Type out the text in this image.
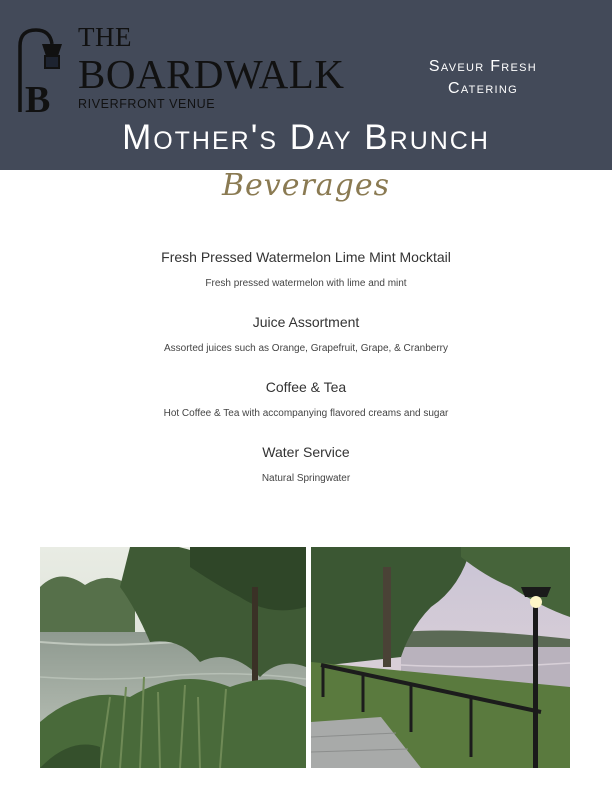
B
THE
BOARDWALK
RIVERFRONT VENUE
Saveur Fresh
Catering
Mother's Day Brunch
Beverages
Fresh Pressed Watermelon Lime Mint Mocktail
Fresh pressed watermelon with lime and mint
Juice Assortment
Assorted juices such as Orange, Grapefruit, Grape, & Cranberry
Coffee & Tea
Hot Coffee & Tea with accompanying flavored creams and sugar
Water Service
Natural Springwater
